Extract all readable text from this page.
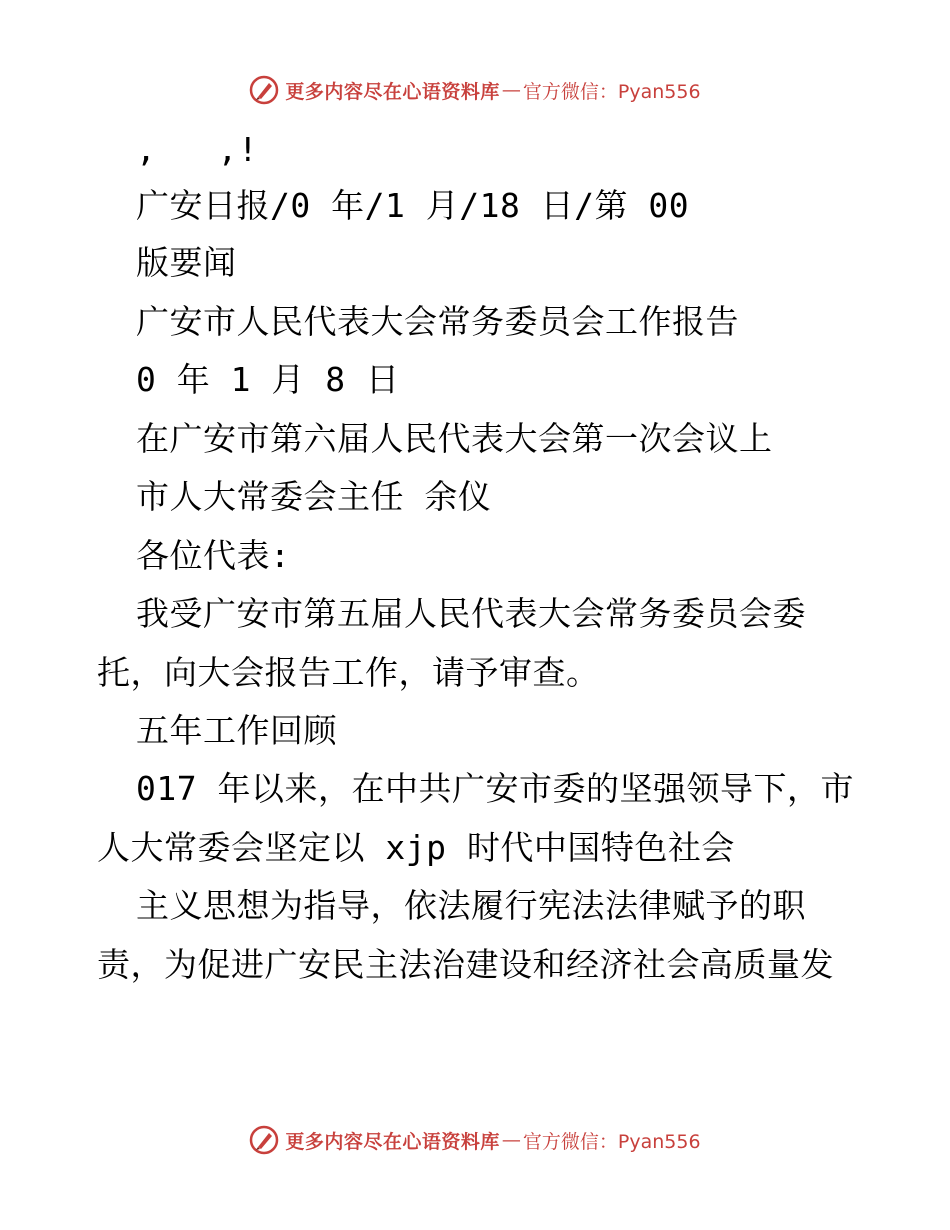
更多内容尽在心语资料库 — 官方微信：Pyan556
,   ,!
广安日报/0 年/1 月/18 日/第 00
版要闻
广安市人民代表大会常务委员会工作报告
0 年 1 月 8 日
在广安市第六届人民代表大会第一次会议上
市人大常委会主任 余仪
各位代表:
我受广安市第五届人民代表大会常务委员会委
托，向大会报告工作，请予审查。
五年工作回顾
017 年以来，在中共广安市委的坚强领导下，市
人大常委会坚定以 xjp 时代中国特色社会
主义思想为指导，依法履行宪法法律赋予的职
责，为促进广安民主法治建设和经济社会高质量发
更多内容尽在心语资料库 — 官方微信：Pyan556
